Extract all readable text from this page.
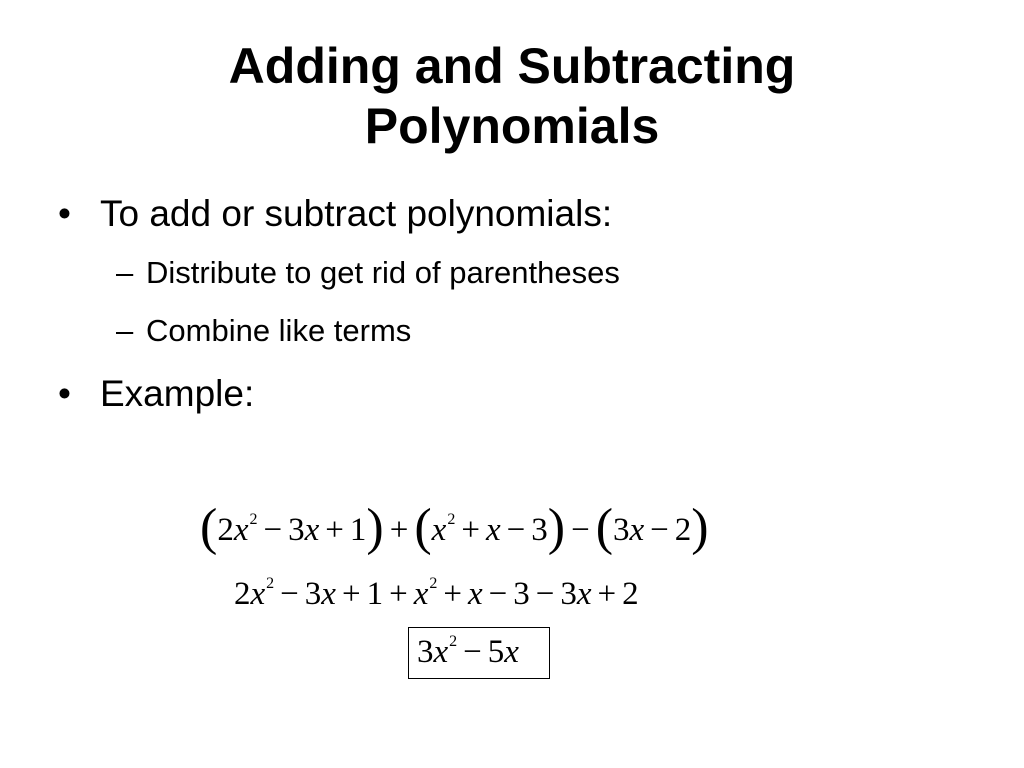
Adding and Subtracting
Polynomials
• To add or subtract polynomials:
– Distribute to get rid of parentheses
– Combine like terms
• Example:
$(2x^2 - 3x + 1) + (x^2 + x - 3) - (3x - 2)$
$2x^2 - 3x + 1 + x^2 + x - 3 - 3x + 2$
$3x^2 - 5x$
